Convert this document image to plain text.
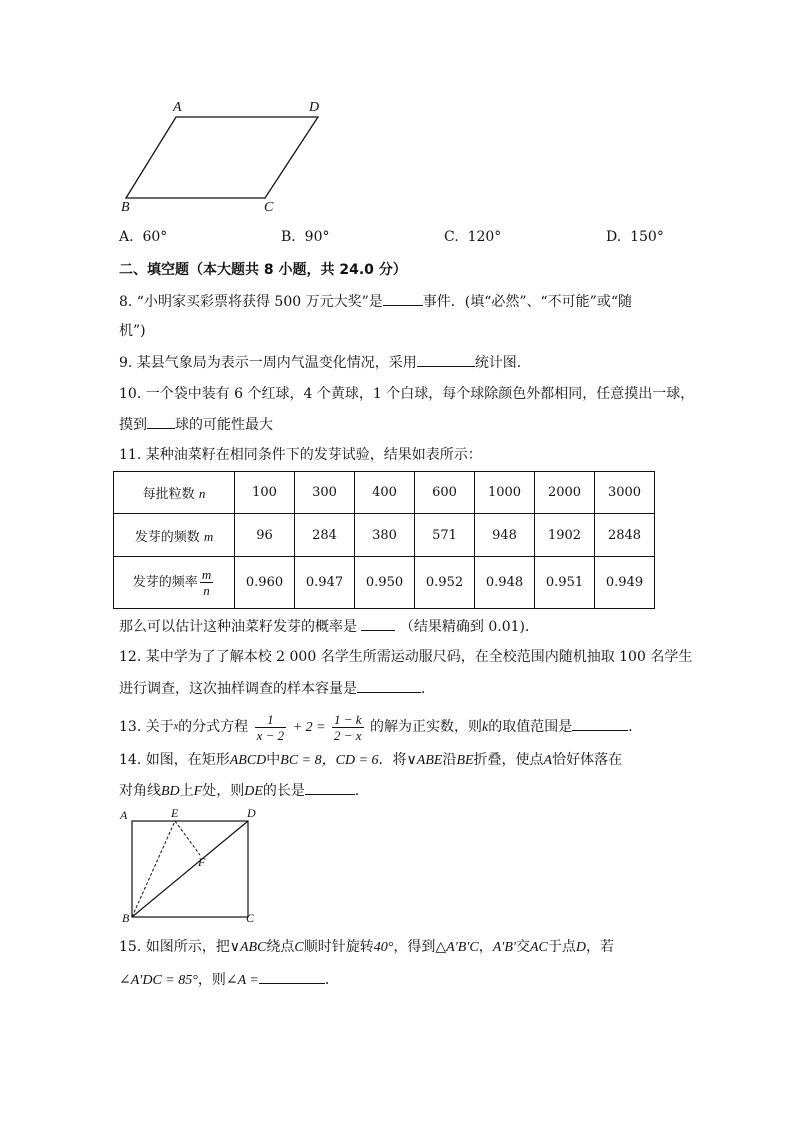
A	D
B	C
A. 60°	B. 90°	C. 120°	D. 150°
二、填空题（本大题共 8 小题，共 24.0 分）
8. “小明家买彩票将获得 500 万元大奖”是	事件．(填“必然”、“不可能”或“随
机”)
9. 某县气象局为表示一周内气温变化情况，采用	统计图．
10. 一个袋中装有 6 个红球，4 个黄球，1 个白球，每个球除颜色外都相同，任意摸出一球，
摸到 球的可能性最大
11. 某种油菜籽在相同条件下的发芽试验，结果如表所示：
每批粒数 n	100	300	400	600	1000	2000	3000
发芽的频数 m	96	284	380	571	948	1902	2848
发芽的频率 $\frac{m}{n}$	0.960	0.947	0.950	0.952	0.948	0.951	0.949
那么可以估计这种油菜籽发芽的概率是	（结果精确到 0.01)．
12. 某中学为了了解本校 2 000 名学生所需运动服尺码，在全校范围内随机抽取 100 名学生
进行调查，这次抽样调查的样本容量是	．
13. 关于$^x$的分式方程 $\frac{1}{x - 2} + 2 = \frac{1 - k}{2 - x}$ 的解为正实数，则k的取值范围是	．
14. 如图，在矩形ABCD中BC = 8，CD = 6．将∨ABE沿BE折叠，使点A恰好体落在
对角线BD上F处，则DE的长是	．
A	E	D
F
B	C
15. 如图所示，把∨ABC绕点C顺时针旋转40°，得到△A′B′C，A′B′交AC于点D，若
∠A′DC = 85°，则∠A =	．
